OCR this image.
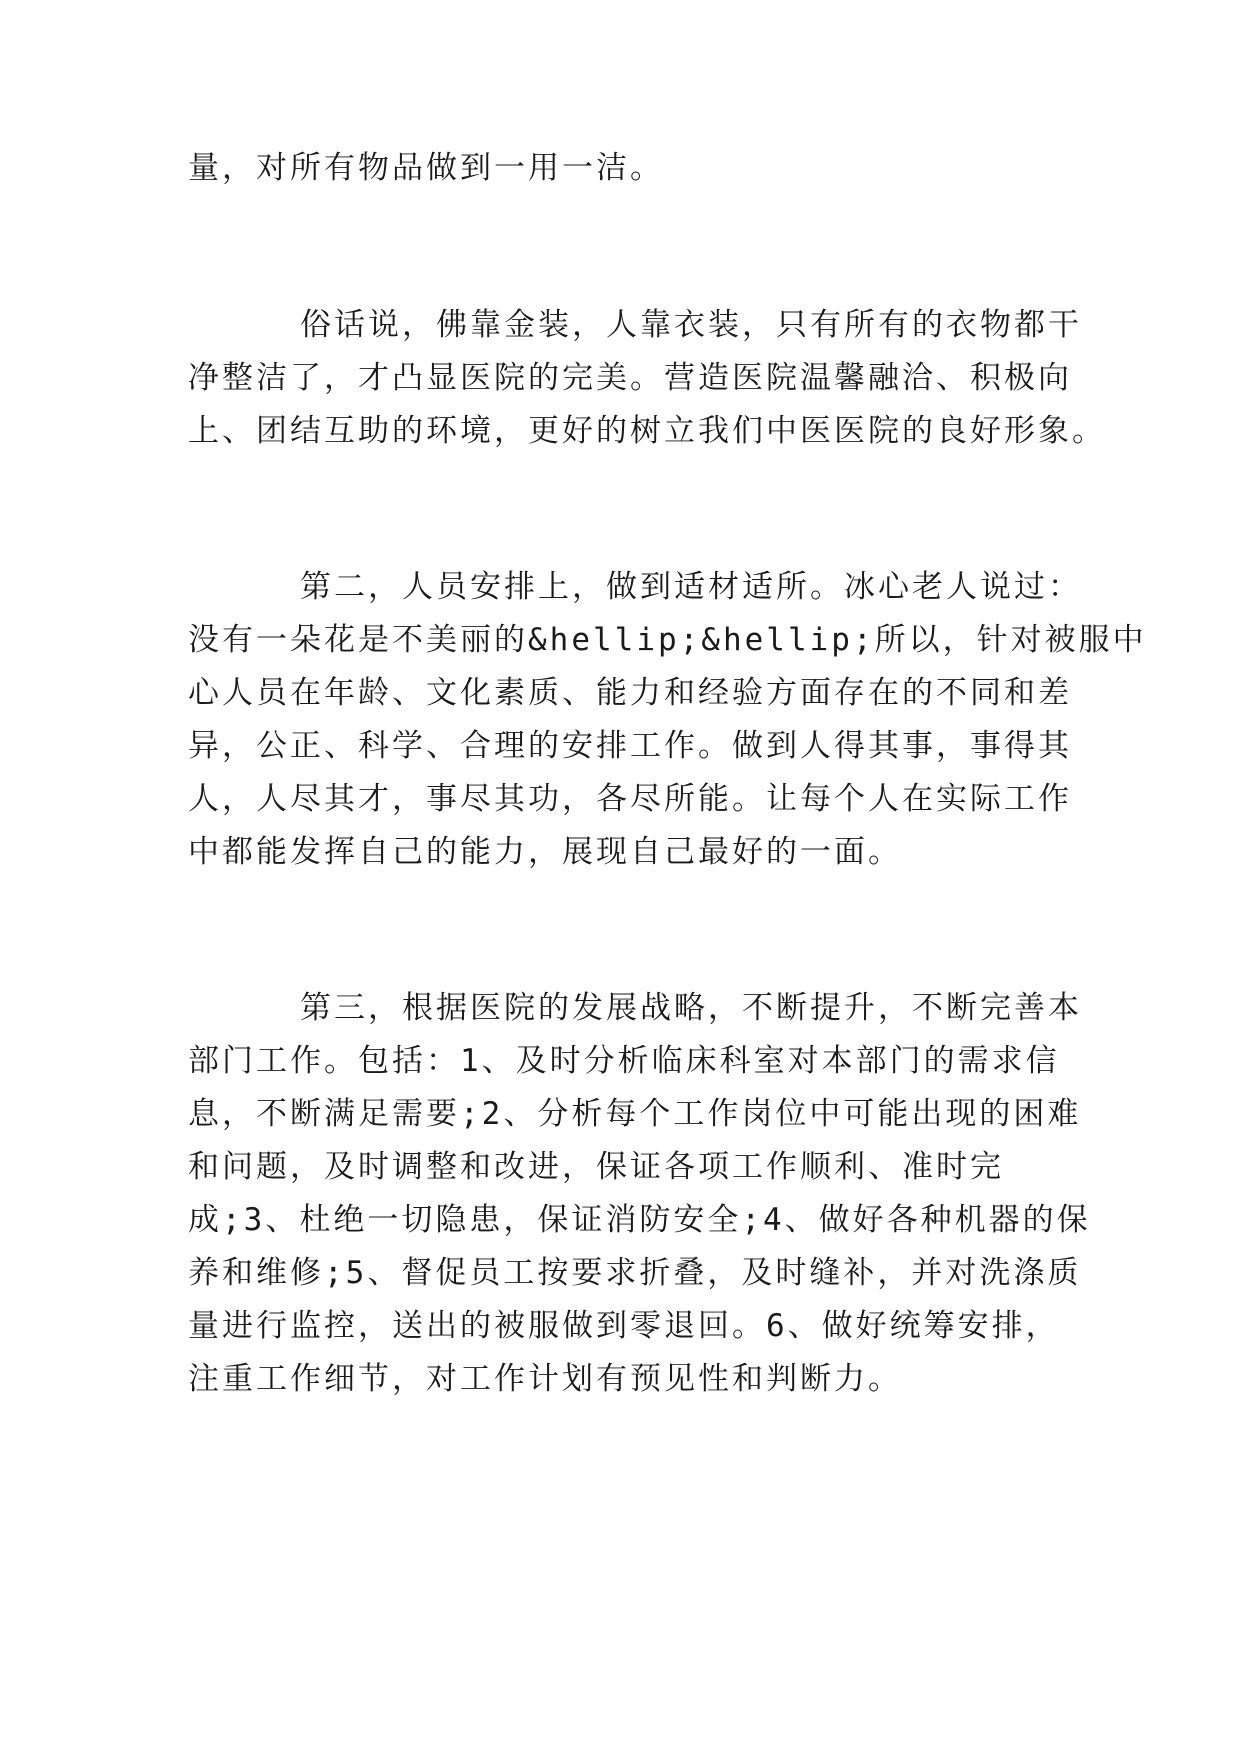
量，对所有物品做到一用一洁。
俗话说，佛靠金装，人靠衣装，只有所有的衣物都干
净整洁了，才凸显医院的完美。营造医院温馨融洽、积极向
上、团结互助的环境，更好的树立我们中医医院的良好形象。
第二，人员安排上，做到适材适所。冰心老人说过：
没有一朵花是不美丽的&hellip;&hellip;所以，针对被服中
心人员在年龄、文化素质、能力和经验方面存在的不同和差
异，公正、科学、合理的安排工作。做到人得其事，事得其
人，人尽其才，事尽其功，各尽所能。让每个人在实际工作
中都能发挥自己的能力，展现自己最好的一面。
第三，根据医院的发展战略，不断提升，不断完善本
部门工作。包括：1、及时分析临床科室对本部门的需求信
息，不断满足需要;2、分析每个工作岗位中可能出现的困难
和问题，及时调整和改进，保证各项工作顺利、准时完
成;3、杜绝一切隐患，保证消防安全;4、做好各种机器的保
养和维修;5、督促员工按要求折叠，及时缝补，并对洗涤质
量进行监控，送出的被服做到零退回。6、做好统筹安排，
注重工作细节，对工作计划有预见性和判断力。
